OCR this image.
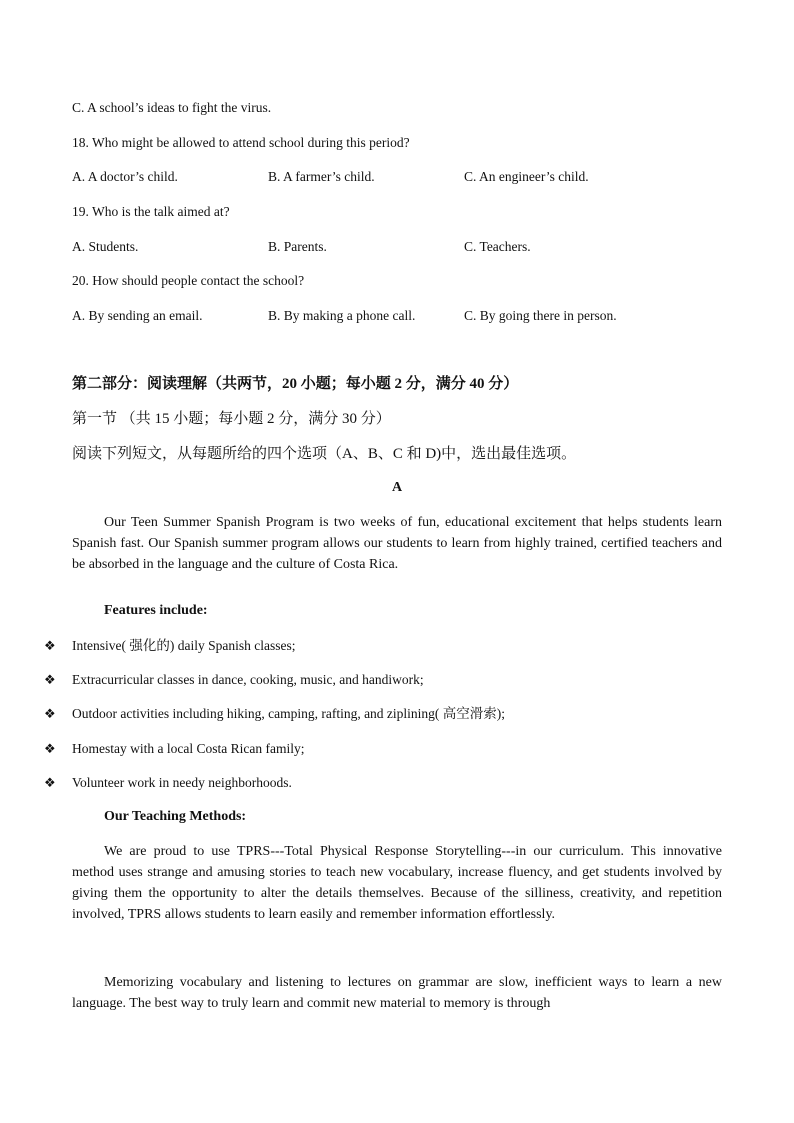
C. A school’s ideas to fight the virus.
18. Who might be allowed to attend school during this period?
A. A doctor’s child.	B. A farmer’s child.	C. An engineer’s child.
19. Who is the talk aimed at?
A. Students.	B. Parents.	C. Teachers.
20. How should people contact the school?
A. By sending an email.	B. By making a phone call.	C. By going there in person.
第二部分：阅读理解（共两节，20 小题；每小题 2 分，满分 40 分）
第一节 （共 15 小题；每小题 2 分，满分 30 分）
阅读下列短文，从每题所给的四个选项（A、B、C 和 D)中，选出最佳选项。
A
Our Teen Summer Spanish Program is two weeks of fun, educational excitement that helps students learn Spanish fast. Our Spanish summer program allows our students to learn from highly trained, certified teachers and be absorbed in the language and the culture of Costa Rica.
Features include:
❖ Intensive( 强化的) daily Spanish classes;
❖ Extracurricular classes in dance, cooking, music, and handiwork;
❖ Outdoor activities including hiking, camping, rafting, and ziplining( 高空滑索);
❖ Homestay with a local Costa Rican family;
❖ Volunteer work in needy neighborhoods.
Our Teaching Methods:
We are proud to use TPRS---Total Physical Response Storytelling---in our curriculum. This innovative method uses strange and amusing stories to teach new vocabulary, increase fluency, and get students involved by giving them the opportunity to alter the details themselves. Because of the silliness, creativity, and repetition involved, TPRS allows students to learn easily and remember information effortlessly.
Memorizing vocabulary and listening to lectures on grammar are slow, inefficient ways to learn a new language. The best way to truly learn and commit new material to memory is through
